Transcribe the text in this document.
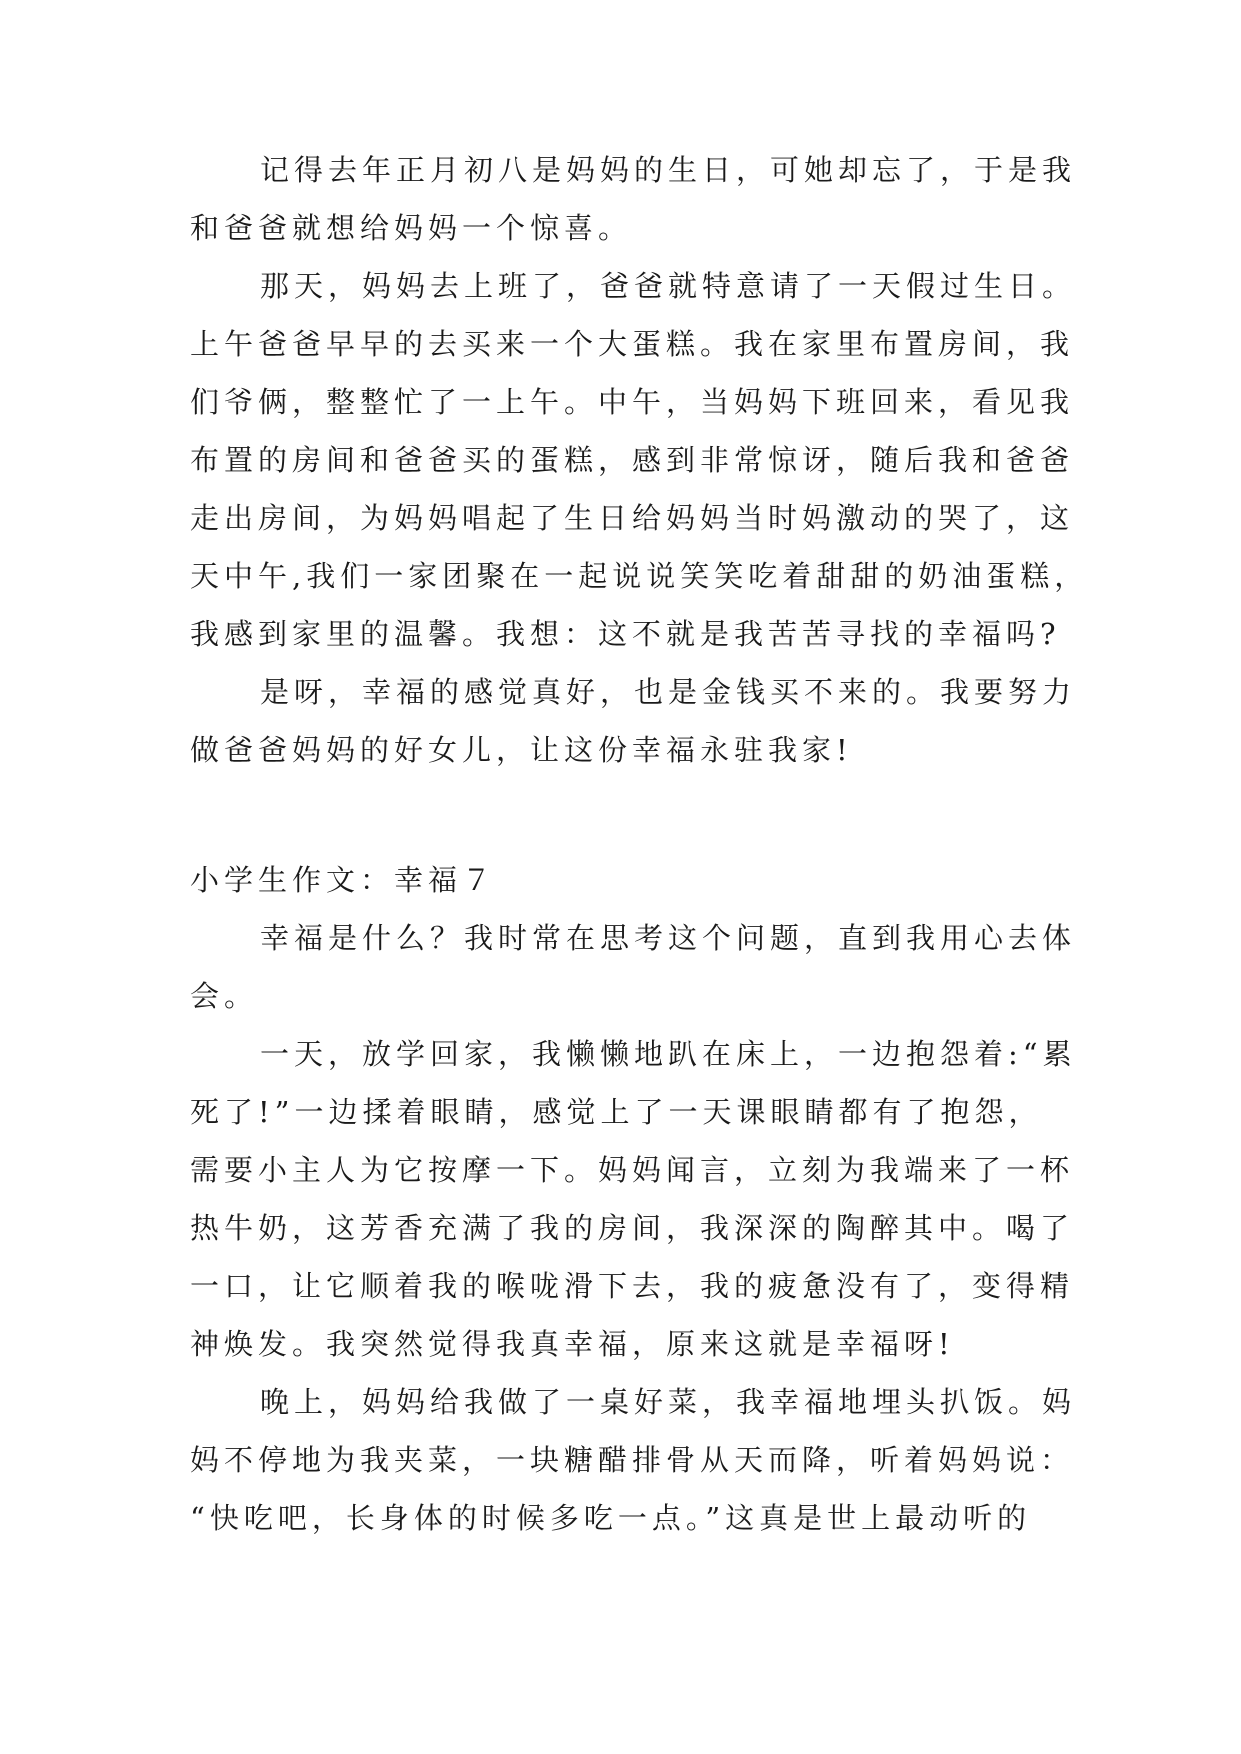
记得去年正月初八是妈妈的生日，可她却忘了，于是我
和爸爸就想给妈妈一个惊喜。
那天，妈妈去上班了，爸爸就特意请了一天假过生日。
上午爸爸早早的去买来一个大蛋糕。我在家里布置房间，我
们爷俩，整整忙了一上午。中午，当妈妈下班回来，看见我
布置的房间和爸爸买的蛋糕，感到非常惊讶，随后我和爸爸
走出房间，为妈妈唱起了生日给妈妈当时妈激动的哭了，这
天中午,我们一家团聚在一起说说笑笑吃着甜甜的奶油蛋糕，
我感到家里的温馨。我想：这不就是我苦苦寻找的幸福吗?
是呀，幸福的感觉真好，也是金钱买不来的。我要努力
做爸爸妈妈的好女儿，让这份幸福永驻我家!
小学生作文：幸福７
幸福是什么？我时常在思考这个问题，直到我用心去体
会。
一天，放学回家，我懒懒地趴在床上，一边抱怨着:“累
死了!”一边揉着眼睛，感觉上了一天课眼睛都有了抱怨，
需要小主人为它按摩一下。妈妈闻言，立刻为我端来了一杯
热牛奶，这芳香充满了我的房间，我深深的陶醉其中。喝了
一口，让它顺着我的喉咙滑下去，我的疲惫没有了，变得精
神焕发。我突然觉得我真幸福，原来这就是幸福呀!
晚上，妈妈给我做了一桌好菜，我幸福地埋头扒饭。妈
妈不停地为我夹菜，一块糖醋排骨从天而降，听着妈妈说：
“快吃吧，长身体的时候多吃一点。”这真是世上最动听的
